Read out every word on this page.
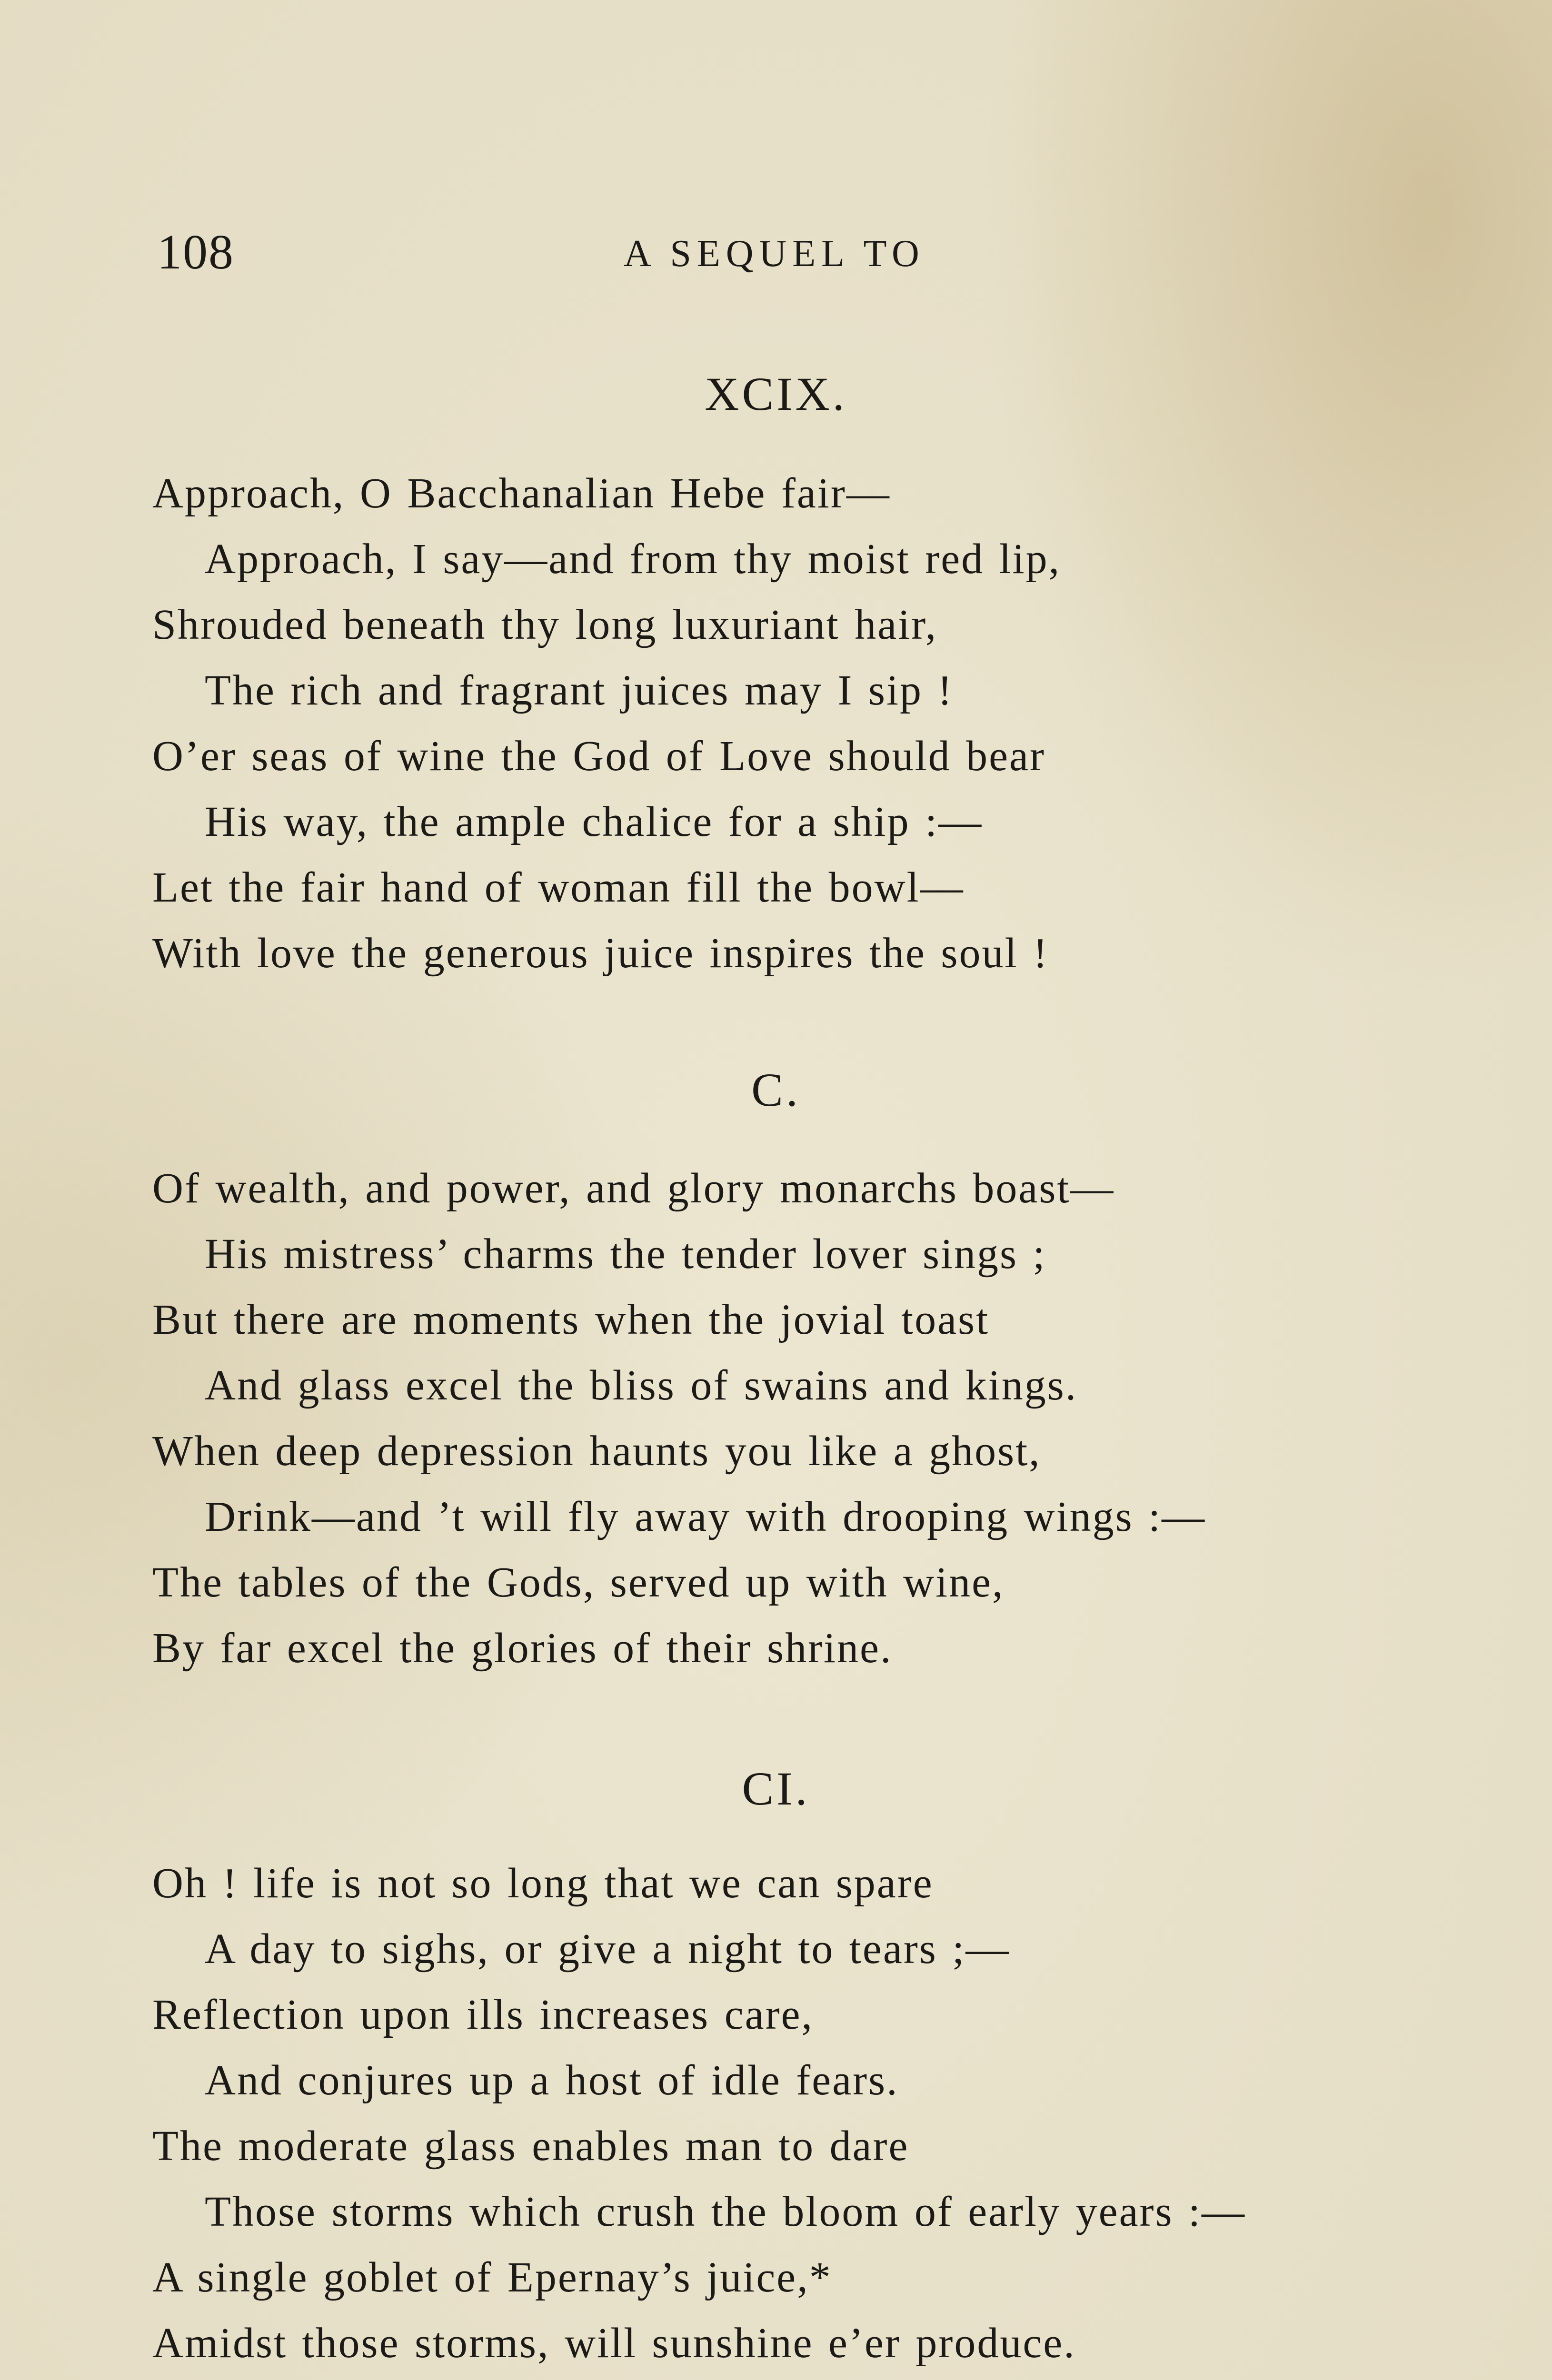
108	A SEQUEL TO
XCIX.
Approach, O Bacchanalian Hebe fair—
Approach, I say—and from thy moist red lip,
Shrouded beneath thy long luxuriant hair,
The rich and fragrant juices may I sip !
O’er seas of wine the God of Love should bear
His way, the ample chalice for a ship :—
Let the fair hand of woman fill the bowl—
With love the generous juice inspires the soul !
C.
Of wealth, and power, and glory monarchs boast—
His mistress’ charms the tender lover sings ;
But there are moments when the jovial toast
And glass excel the bliss of swains and kings.
When deep depression haunts you like a ghost,
Drink—and ’t will fly away with drooping wings :—
The tables of the Gods, served up with wine,
By far excel the glories of their shrine.
CI.
Oh ! life is not so long that we can spare
A day to sighs, or give a night to tears ;—
Reflection upon ills increases care,
And conjures up a host of idle fears.
The moderate glass enables man to dare
Those storms which crush the bloom of early years :—
A single goblet of Epernay’s juice,*
Amidst those storms, will sunshine e’er produce.
